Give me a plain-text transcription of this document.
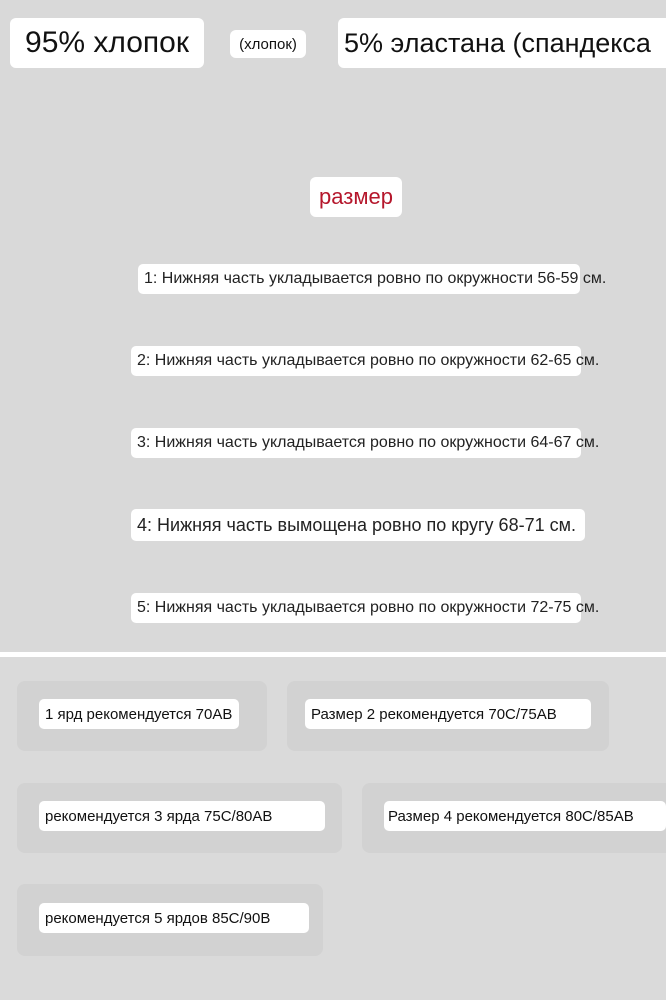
95% хлопок	(хлопок)	5% эластана (спандекса
размер
1: Нижняя часть укладывается ровно по окружности 56-59 см.
2: Нижняя часть укладывается ровно по окружности 62-65 см.
3: Нижняя часть укладывается ровно по окружности 64-67 см.
4: Нижняя часть вымощена ровно по кругу 68-71 см.
5: Нижняя часть укладывается ровно по окружности 72-75 см.
1 ярд рекомендуется 70AB	Размер 2 рекомендуется 70C/75AB
рекомендуется 3 ярда 75C/80AB	Размер 4 рекомендуется 80C/85AB
рекомендуется 5 ярдов 85C/90B
